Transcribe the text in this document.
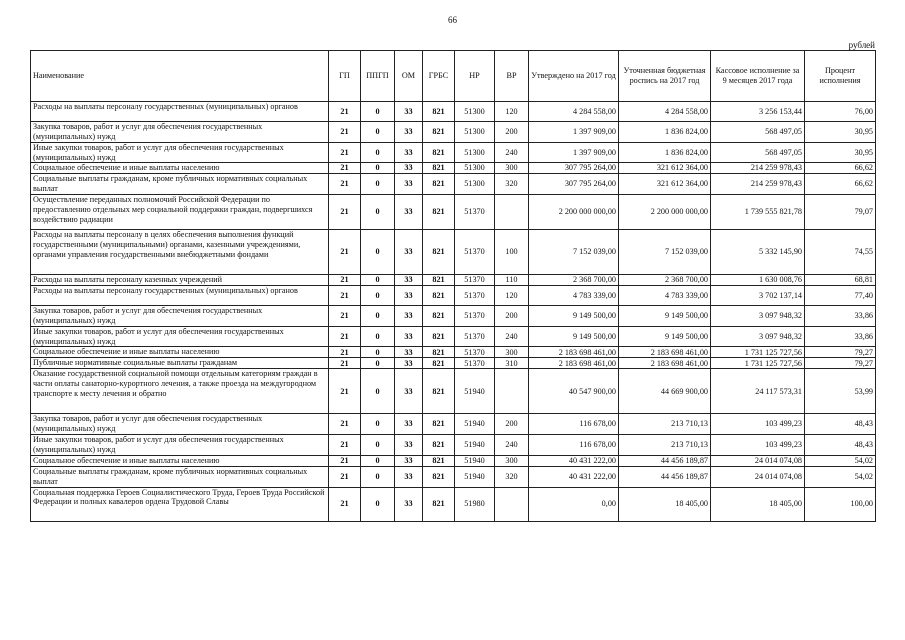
66
рублей
Наименование	ГП	ППГП	ОМ	ГРБС	НР	ВР	Утверждено на 2017 год	Уточненная бюджетная роспись на 2017 год	Кассовое исполнение за 9 месяцев 2017 года	Процент исполнения
Расходы на выплаты персоналу государственных (муниципальных) органов	21	0	33	821	51300	120	4 284 558,00	4 284 558,00	3 256 153,44	76,00
Закупка товаров, работ и услуг для обеспечения государственных (муниципальных) нужд	21	0	33	821	51300	200	1 397 909,00	1 836 824,00	568 497,05	30,95
Иные закупки товаров, работ и услуг для обеспечения государственных (муниципальных) нужд	21	0	33	821	51300	240	1 397 909,00	1 836 824,00	568 497,05	30,95
Социальное обеспечение и иные выплаты населению	21	0	33	821	51300	300	307 795 264,00	321 612 364,00	214 259 978,43	66,62
Социальные выплаты гражданам, кроме публичных нормативных социальных выплат	21	0	33	821	51300	320	307 795 264,00	321 612 364,00	214 259 978,43	66,62
Осуществление переданных полномочий Российской Федерации по предоставлению отдельных мер социальной поддержки граждан, подвергшихся воздействию радиации	21	0	33	821	51370		2 200 000 000,00	2 200 000 000,00	1 739 555 821,78	79,07
Расходы на выплаты персоналу в целях обеспечения выполнения функций государственными (муниципальными) органами, казенными учреждениями, органами управления государственными внебюджетными фондами	21	0	33	821	51370	100	7 152 039,00	7 152 039,00	5 332 145,90	74,55
Расходы на выплаты персоналу казенных учреждений	21	0	33	821	51370	110	2 368 700,00	2 368 700,00	1 630 008,76	68,81
Расходы на выплаты персоналу государственных (муниципальных) органов	21	0	33	821	51370	120	4 783 339,00	4 783 339,00	3 702 137,14	77,40
Закупка товаров, работ и услуг для обеспечения государственных (муниципальных) нужд	21	0	33	821	51370	200	9 149 500,00	9 149 500,00	3 097 948,32	33,86
Иные закупки товаров, работ и услуг для обеспечения государственных (муниципальных) нужд	21	0	33	821	51370	240	9 149 500,00	9 149 500,00	3 097 948,32	33,86
Социальное обеспечение и иные выплаты населению	21	0	33	821	51370	300	2 183 698 461,00	2 183 698 461,00	1 731 125 727,56	79,27
Публичные нормативные социальные выплаты гражданам	21	0	33	821	51370	310	2 183 698 461,00	2 183 698 461,00	1 731 125 727,56	79,27
Оказание государственной социальной помощи отдельным категориям граждан в части оплаты санаторно-курортного лечения, а также проезда на междугородном транспорте к месту лечения и обратно	21	0	33	821	51940		40 547 900,00	44 669 900,00	24 117 573,31	53,99
Закупка товаров, работ и услуг для обеспечения государственных (муниципальных) нужд	21	0	33	821	51940	200	116 678,00	213 710,13	103 499,23	48,43
Иные закупки товаров, работ и услуг для обеспечения государственных (муниципальных) нужд	21	0	33	821	51940	240	116 678,00	213 710,13	103 499,23	48,43
Социальное обеспечение и иные выплаты населению	21	0	33	821	51940	300	40 431 222,00	44 456 189,87	24 014 074,08	54,02
Социальные выплаты гражданам, кроме публичных нормативных социальных выплат	21	0	33	821	51940	320	40 431 222,00	44 456 189,87	24 014 074,08	54,02
Социальная поддержка Героев Социалистического Труда, Героев Труда Российской Федерации и полных кавалеров ордена Трудовой Славы	21	0	33	821	51980		0,00	18 405,00	18 405,00	100,00
